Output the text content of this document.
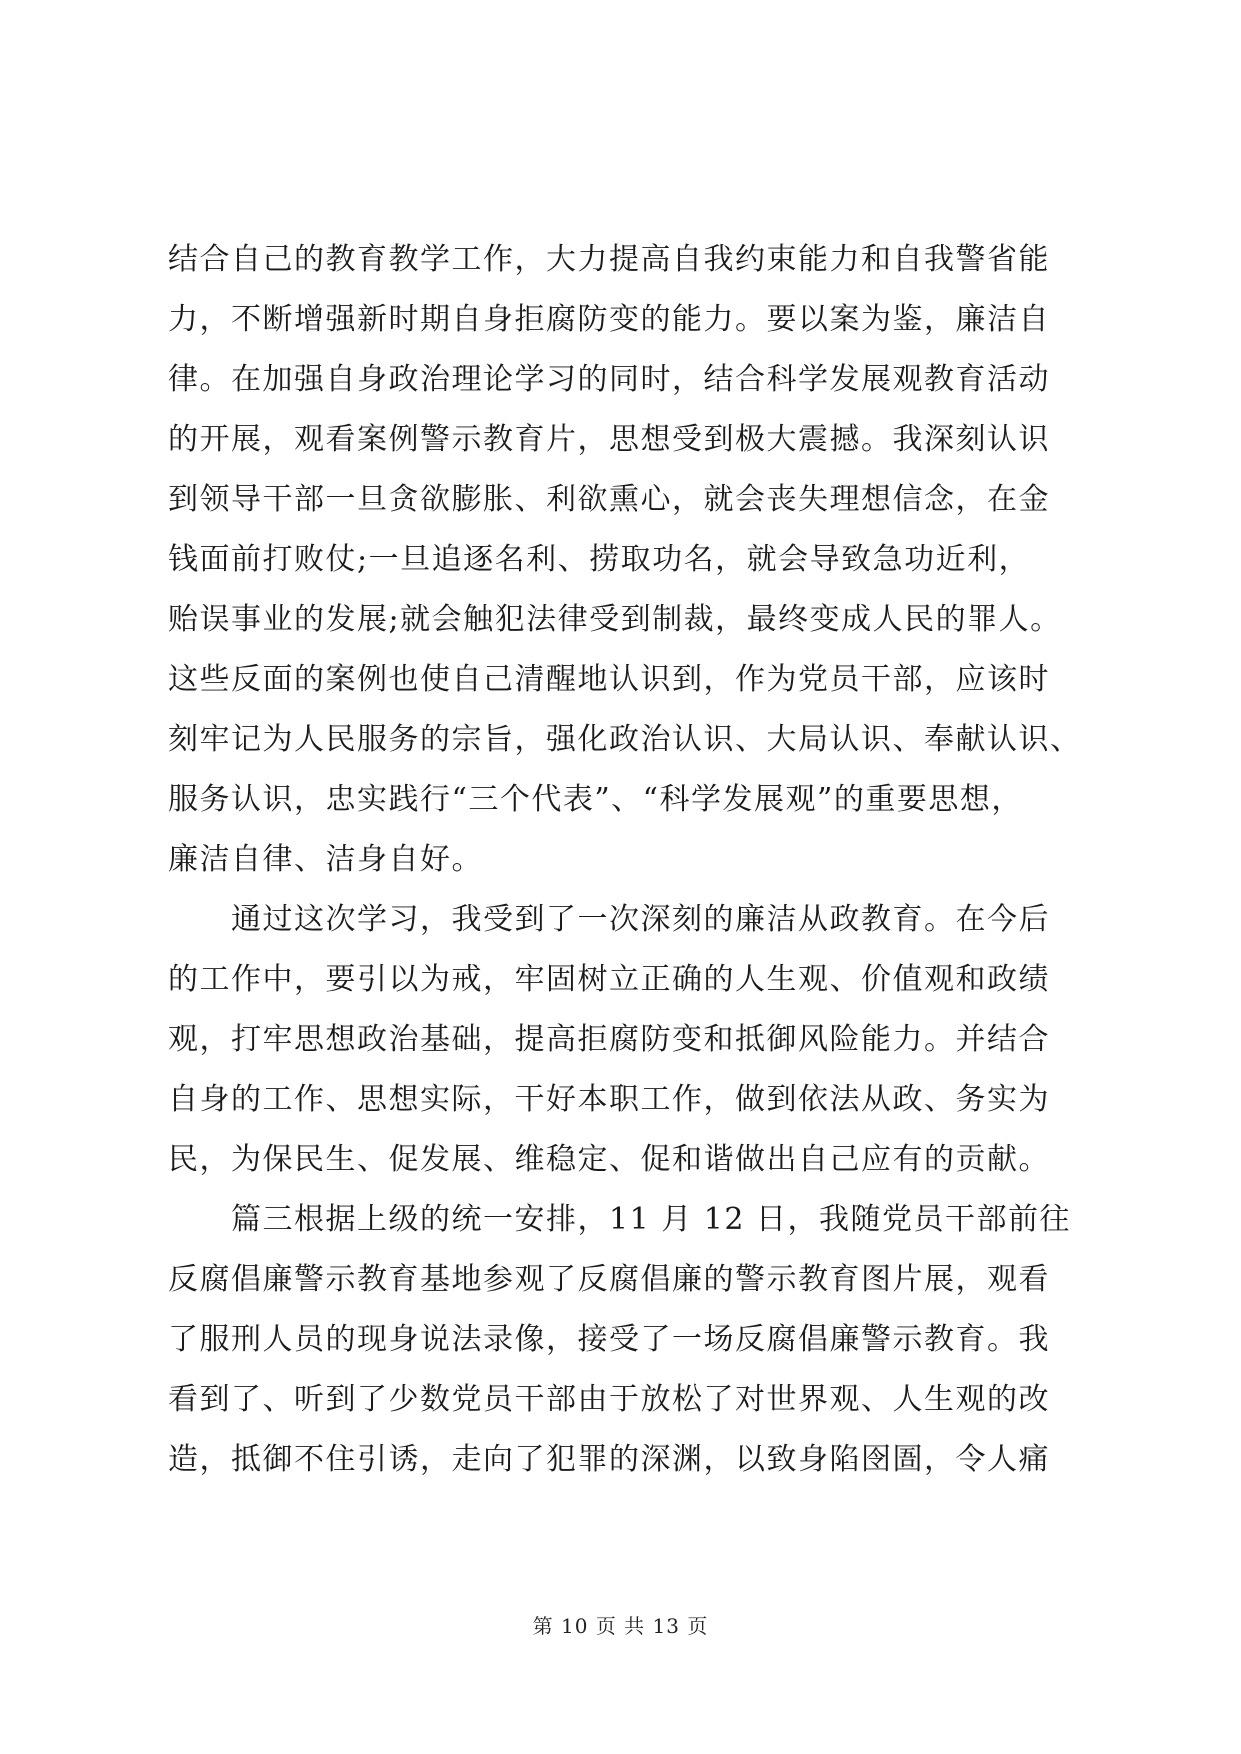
结合自己的教育教学工作，大力提高自我约束能力和自我警省能
力，不断增强新时期自身拒腐防变的能力。要以案为鉴，廉洁自
律。在加强自身政治理论学习的同时，结合科学发展观教育活动
的开展，观看案例警示教育片，思想受到极大震撼。我深刻认识
到领导干部一旦贪欲膨胀、利欲熏心，就会丧失理想信念，在金
钱面前打败仗;一旦追逐名利、捞取功名，就会导致急功近利，
贻误事业的发展;就会触犯法律受到制裁，最终变成人民的罪人。
这些反面的案例也使自己清醒地认识到，作为党员干部，应该时
刻牢记为人民服务的宗旨，强化政治认识、大局认识、奉献认识、
服务认识，忠实践行“三个代表”、“科学发展观”的重要思想，
廉洁自律、洁身自好。
　　通过这次学习，我受到了一次深刻的廉洁从政教育。在今后
的工作中，要引以为戒，牢固树立正确的人生观、价值观和政绩
观，打牢思想政治基础，提高拒腐防变和抵御风险能力。并结合
自身的工作、思想实际，干好本职工作，做到依法从政、务实为
民，为保民生、促发展、维稳定、促和谐做出自己应有的贡献。
　　篇三根据上级的统一安排，11 月 12 日，我随党员干部前往
反腐倡廉警示教育基地参观了反腐倡廉的警示教育图片展，观看
了服刑人员的现身说法录像，接受了一场反腐倡廉警示教育。我
看到了、听到了少数党员干部由于放松了对世界观、人生观的改
造，抵御不住引诱，走向了犯罪的深渊，以致身陷囹圄，令人痛
第 10 页 共 13 页
